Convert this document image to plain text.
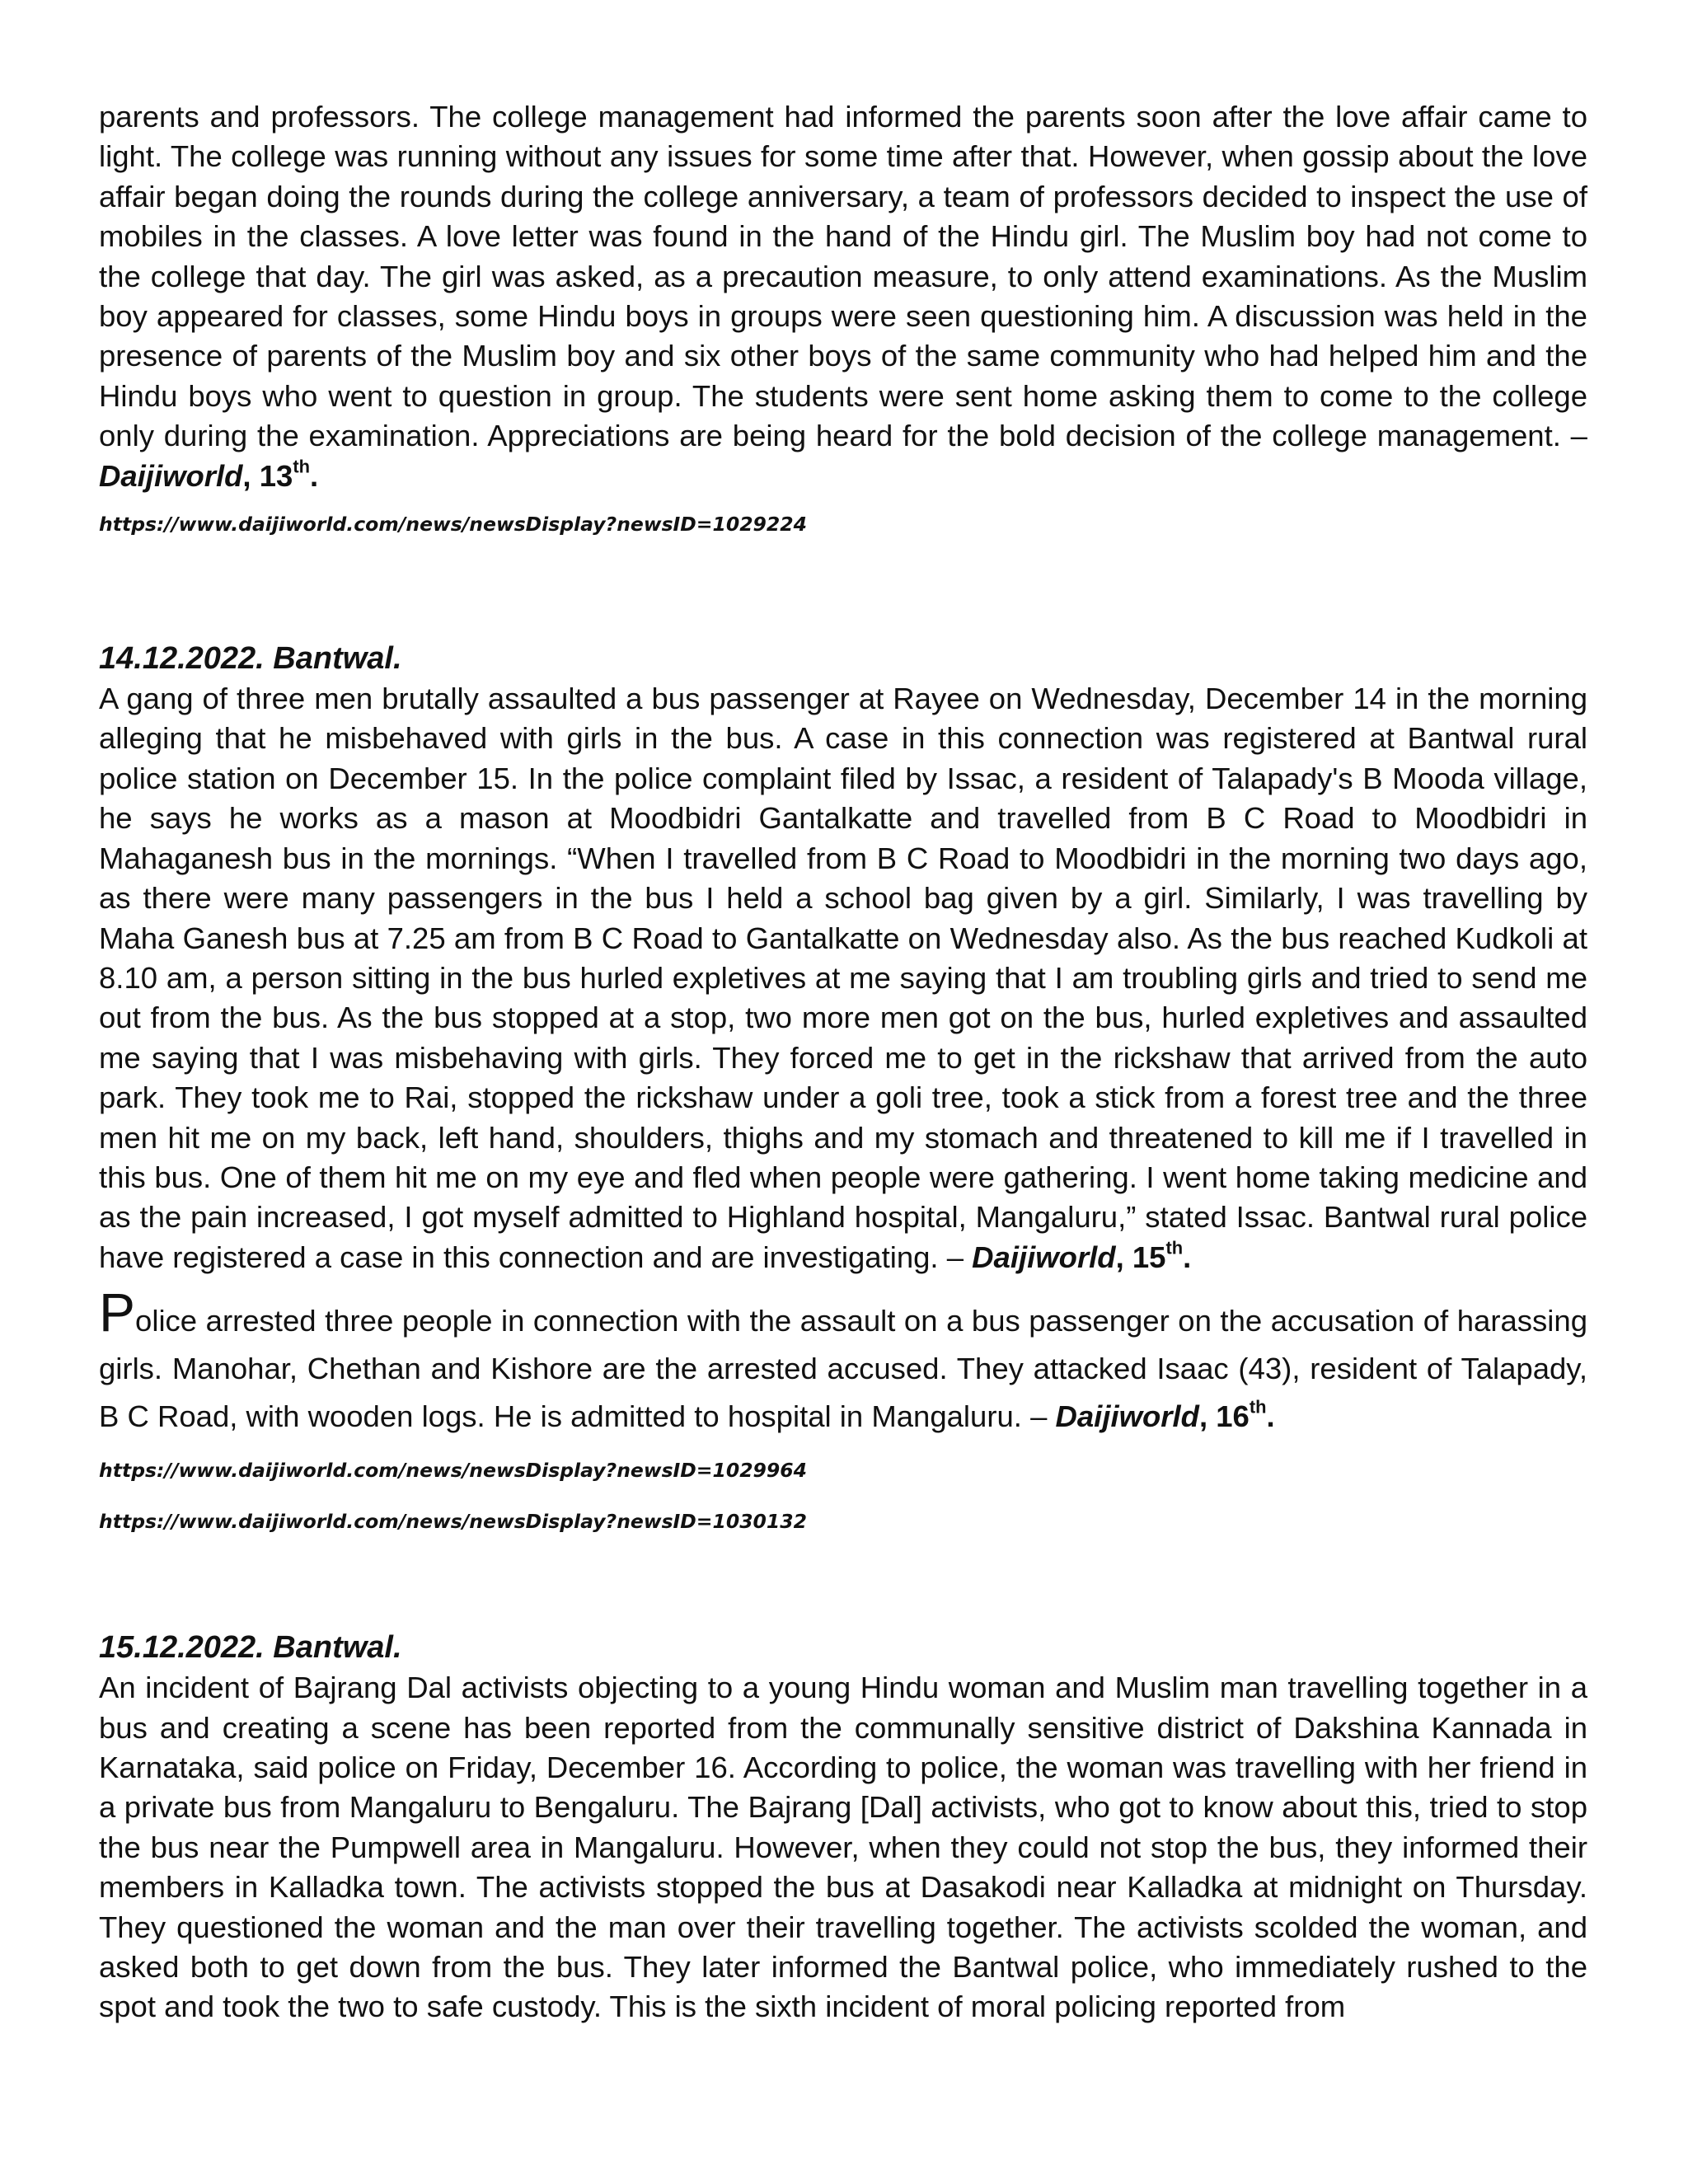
parents and professors. The college management had informed the parents soon after the love affair came to light. The college was running without any issues for some time after that. However, when gossip about the love affair began doing the rounds during the college anniversary, a team of professors decided to inspect the use of mobiles in the classes. A love letter was found in the hand of the Hindu girl. The Muslim boy had not come to the college that day. The girl was asked, as a precaution measure, to only attend examinations. As the Muslim boy appeared for classes, some Hindu boys in groups were seen questioning him. A discussion was held in the presence of parents of the Muslim boy and six other boys of the same community who had helped him and the Hindu boys who went to question in group. The students were sent home asking them to come to the college only during the examination. Appreciations are being heard for the bold decision of the college management. – Daijiworld, 13th.

https://www.daijiworld.com/news/newsDisplay?newsID=1029224

14.12.2022. Bantwal.

A gang of three men brutally assaulted a bus passenger at Rayee on Wednesday, December 14 in the morning alleging that he misbehaved with girls in the bus. A case in this connection was registered at Bantwal rural police station on December 15. In the police complaint filed by Issac, a resident of Talapady's B Mooda village, he says he works as a mason at Moodbidri Gantalkatte and travelled from B C Road to Moodbidri in Mahaganesh bus in the mornings. “When I travelled from B C Road to Moodbidri in the morning two days ago, as there were many passengers in the bus I held a school bag given by a girl. Similarly, I was travelling by Maha Ganesh bus at 7.25 am from B C Road to Gantalkatte on Wednesday also. As the bus reached Kudkoli at 8.10 am, a person sitting in the bus hurled expletives at me saying that I am troubling girls and tried to send me out from the bus. As the bus stopped at a stop, two more men got on the bus, hurled expletives and assaulted me saying that I was misbehaving with girls. They forced me to get in the rickshaw that arrived from the auto park. They took me to Rai, stopped the rickshaw under a goli tree, took a stick from a forest tree and the three men hit me on my back, left hand, shoulders, thighs and my stomach and threatened to kill me if I travelled in this bus. One of them hit me on my eye and fled when people were gathering. I went home taking medicine and as the pain increased, I got myself admitted to Highland hospital, Mangaluru,” stated Issac. Bantwal rural police have registered a case in this connection and are investigating. – Daijiworld, 15th.

Police arrested three people in connection with the assault on a bus passenger on the accusation of harassing girls. Manohar, Chethan and Kishore are the arrested accused. They attacked Isaac (43), resident of Talapady, B C Road, with wooden logs. He is admitted to hospital in Mangaluru. – Daijiworld, 16th.

https://www.daijiworld.com/news/newsDisplay?newsID=1029964

https://www.daijiworld.com/news/newsDisplay?newsID=1030132

15.12.2022. Bantwal.

An incident of Bajrang Dal activists objecting to a young Hindu woman and Muslim man travelling together in a bus and creating a scene has been reported from the communally sensitive district of Dakshina Kannada in Karnataka, said police on Friday, December 16. According to police, the woman was travelling with her friend in a private bus from Mangaluru to Bengaluru. The Bajrang [Dal] activists, who got to know about this, tried to stop the bus near the Pumpwell area in Mangaluru. However, when they could not stop the bus, they informed their members in Kalladka town. The activists stopped the bus at Dasakodi near Kalladka at midnight on Thursday. They questioned the woman and the man over their travelling together. The activists scolded the woman, and asked both to get down from the bus. They later informed the Bantwal police, who immediately rushed to the spot and took the two to safe custody. This is the sixth incident of moral policing reported from
